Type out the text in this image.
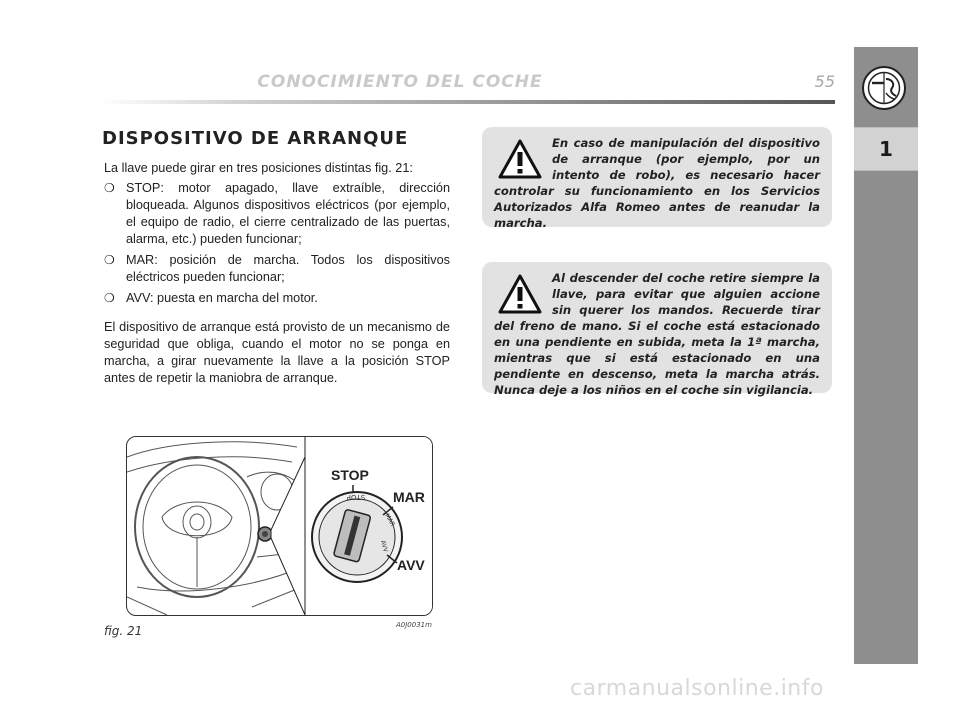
CONOCIMIENTO DEL COCHE	55
1
DISPOSITIVO DE ARRANQUE

La llave puede girar en tres posiciones distintas fig. 21:

❍ STOP: motor apagado, llave extraíble, dirección bloqueada. Algunos dispositivos eléctricos (por ejemplo, el equipo de radio, el cierre centralizado de las puertas, alarma, etc.) pueden funcionar;
❍ MAR: posición de marcha. Todos los dispositivos eléctricos pueden funcionar;
❍ AVV: puesta en marcha del motor.

El dispositivo de arranque está provisto de un mecanismo de seguridad que obliga, cuando el motor no se ponga en marcha, a girar nuevamente la llave a la posición STOP antes de repetir la maniobra de arranque.

En caso de manipulación del dispositivo de arranque (por ejemplo, por un intento de robo), es necesario hacer controlar su funcionamiento en los Servicios Autorizados Alfa Romeo antes de reanudar la marcha.

Al descender del coche retire siempre la llave, para evitar que alguien accione sin querer los mandos. Recuerde tirar del freno de mano. Si el coche está estacionado en una pendiente en subida, meta la 1ª marcha, mientras que si está estacionado en una pendiente en descenso, meta la marcha atrás. Nunca deje a los niños en el coche sin vigilancia.

STOP
MAR
AVV
STOP
MAR
AVV
fig. 21	A0J0031m
carmanualsonline.info
